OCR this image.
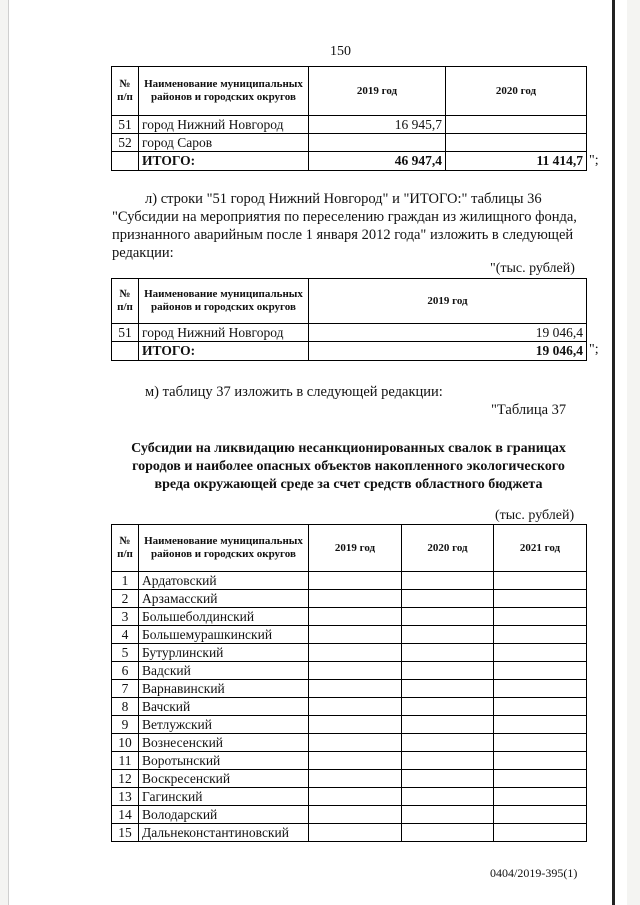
150
№ п/п	Наименование муниципальных районов и городских округов	2019 год	2020 год
51	город Нижний Новгород	16 945,7	
52	город Саров		
	ИТОГО:	46 947,4	11 414,7 ";
л) строки "51 город Нижний Новгород" и "ИТОГО:" таблицы 36
"Субсидии на мероприятия по переселению граждан из жилищного фонда,
признанного аварийным после 1 января 2012 года" изложить в следующей
редакции:
"(тыс. рублей)
№ п/п	Наименование муниципальных районов и городских округов	2019 год
51	город Нижний Новгород	19 046,4
	ИТОГО:	19 046,4 ";
м) таблицу 37 изложить в следующей редакции:
"Таблица 37
Субсидии на ликвидацию несанкционированных свалок в границах
городов и наиболее опасных объектов накопленного экологического
вреда окружающей среде за счет средств областного бюджета
(тыс. рублей)
№ п/п	Наименование муниципальных районов и городских округов	2019 год	2020 год	2021 год
1	Ардатовский			
2	Арзамасский			
3	Большеболдинский			
4	Большемурашкинский			
5	Бутурлинский			
6	Вадский			
7	Варнавинский			
8	Вачский			
9	Ветлужский			
10	Вознесенский			
11	Воротынский			
12	Воскресенский			
13	Гагинский			
14	Володарский			
15	Дальнеконстантиновский			
0404/2019-395(1)
